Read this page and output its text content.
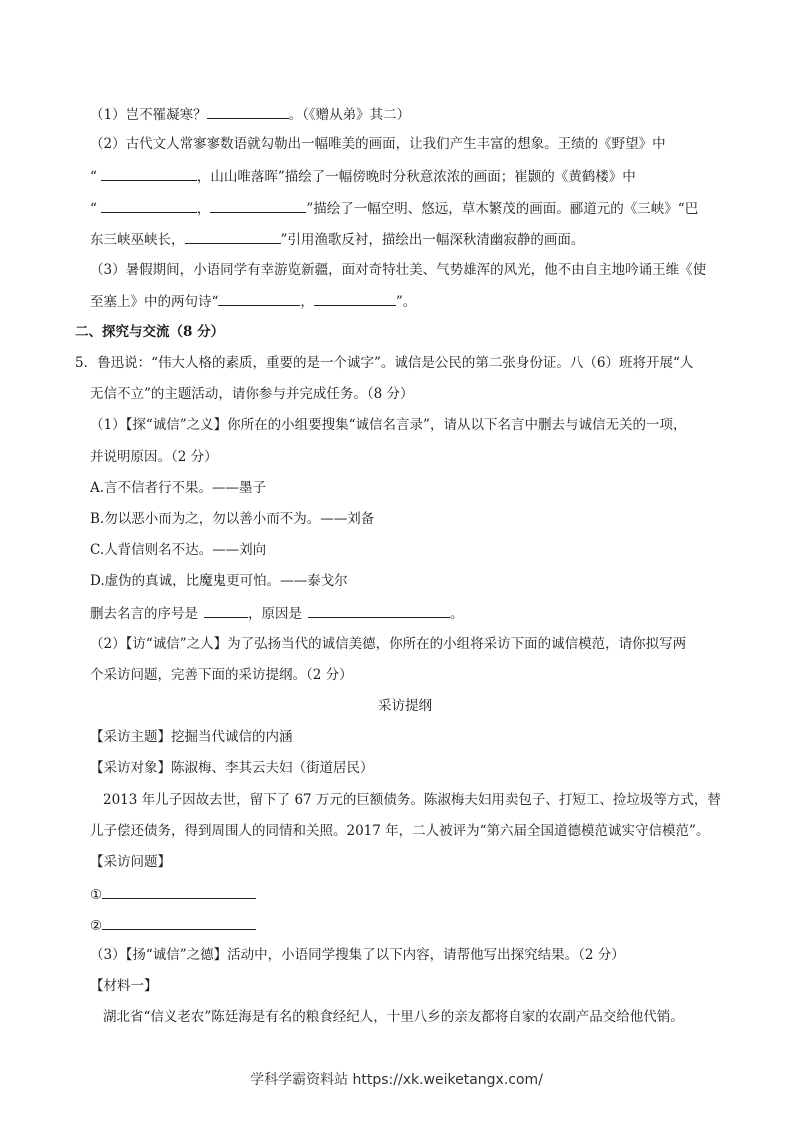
（1）岂不罹凝寒？	。（《赠从弟》其二）
（2）古代文人常寥寥数语就勾勒出一幅唯美的画面，让我们产生丰富的想象。王绩的《野望》中
“	，山山唯落晖”描绘了一幅傍晚时分秋意浓浓的画面；崔颢的《黄鹤楼》中
“	，	”描绘了一幅空明、悠远，草木繁茂的画面。郦道元的《三峡》“巴
东三峡巫峡长，	”引用渔歌反衬，描绘出一幅深秋清幽寂静的画面。
（3）暑假期间，小语同学有幸游览新疆，面对奇特壮美、气势雄浑的风光，他不由自主地吟诵王维《使
至塞上》中的两句诗“	，	”。
二、探究与交流（8 分）
5．鲁迅说：“伟大人格的素质，重要的是一个诚字”。诚信是公民的第二张身份证。八（6）班将开展“人
无信不立”的主题活动，请你参与并完成任务。（8 分）
（1）【探“诚信”之义】你所在的小组要搜集“诚信名言录”，请从以下名言中删去与诚信无关的一项，
并说明原因。（2 分）
A.言不信者行不果。——墨子
B.勿以恶小而为之，勿以善小而不为。——刘备
C.人背信则名不达。——刘向
D.虚伪的真诚，比魔鬼更可怕。——泰戈尔
删去名言的序号是	，原因是	。
（2）【访“诚信”之人】为了弘扬当代的诚信美德，你所在的小组将采访下面的诚信模范，请你拟写两
个采访问题，完善下面的采访提纲。（2 分）
采访提纲
【采访主题】挖掘当代诚信的内涵
【采访对象】陈淑梅、李其云夫妇（街道居民）
2013 年儿子因故去世，留下了 67 万元的巨额债务。陈淑梅夫妇用卖包子、打短工、捡垃圾等方式，替
儿子偿还债务，得到周围人的同情和关照。2017 年，二人被评为“第六届全国道德模范诚实守信模范”。
【采访问题】
①
②
（3）【扬“诚信”之德】活动中，小语同学搜集了以下内容，请帮他写出探究结果。（2 分）
【材料一】
湖北省“信义老农”陈廷海是有名的粮食经纪人，十里八乡的亲友都将自家的农副产品交给他代销。
学科学霸资料站 https://xk.weiketangx.com/
